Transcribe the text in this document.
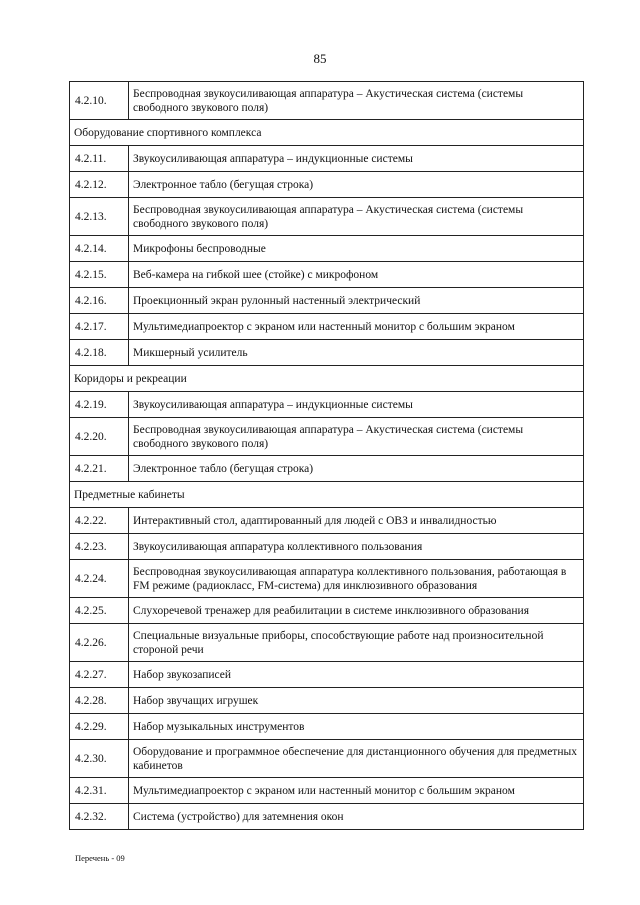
85
4.2.10.	Беспроводная звукоусиливающая аппаратура – Акустическая система (системы свободного звукового поля)
Оборудование спортивного комплекса	
4.2.11.	Звукоусиливающая аппаратура – индукционные системы
4.2.12.	Электронное табло (бегущая строка)
4.2.13.	Беспроводная звукоусиливающая аппаратура – Акустическая система (системы свободного звукового поля)
4.2.14.	Микрофоны беспроводные
4.2.15.	Веб-камера на гибкой шее (стойке) с микрофоном
4.2.16.	Проекционный экран рулонный настенный электрический
4.2.17.	Мультимедиапроектор с экраном или настенный монитор с большим экраном
4.2.18.	Микшерный усилитель
Коридоры и рекреации	
4.2.19.	Звукоусиливающая аппаратура – индукционные системы
4.2.20.	Беспроводная звукоусиливающая аппаратура – Акустическая система (системы свободного звукового поля)
4.2.21.	Электронное табло (бегущая строка)
Предметные кабинеты	
4.2.22.	Интерактивный стол, адаптированный для людей с ОВЗ и инвалидностью
4.2.23.	Звукоусиливающая аппаратура коллективного пользования
4.2.24.	Беспроводная звукоусиливающая аппаратура коллективного пользования, работающая в FM режиме (радиокласс, FM-система) для инклюзивного образования
4.2.25.	Слухоречевой тренажер для реабилитации в системе инклюзивного образования
4.2.26.	Специальные визуальные приборы, способствующие работе над произносительной стороной речи
4.2.27.	Набор звукозаписей
4.2.28.	Набор звучащих игрушек
4.2.29.	Набор музыкальных инструментов
4.2.30.	Оборудование и программное обеспечение для дистанционного обучения для предметных кабинетов
4.2.31.	Мультимедиапроектор с экраном или настенный монитор с большим экраном
4.2.32.	Система (устройство) для затемнения окон
Перечень - 09
